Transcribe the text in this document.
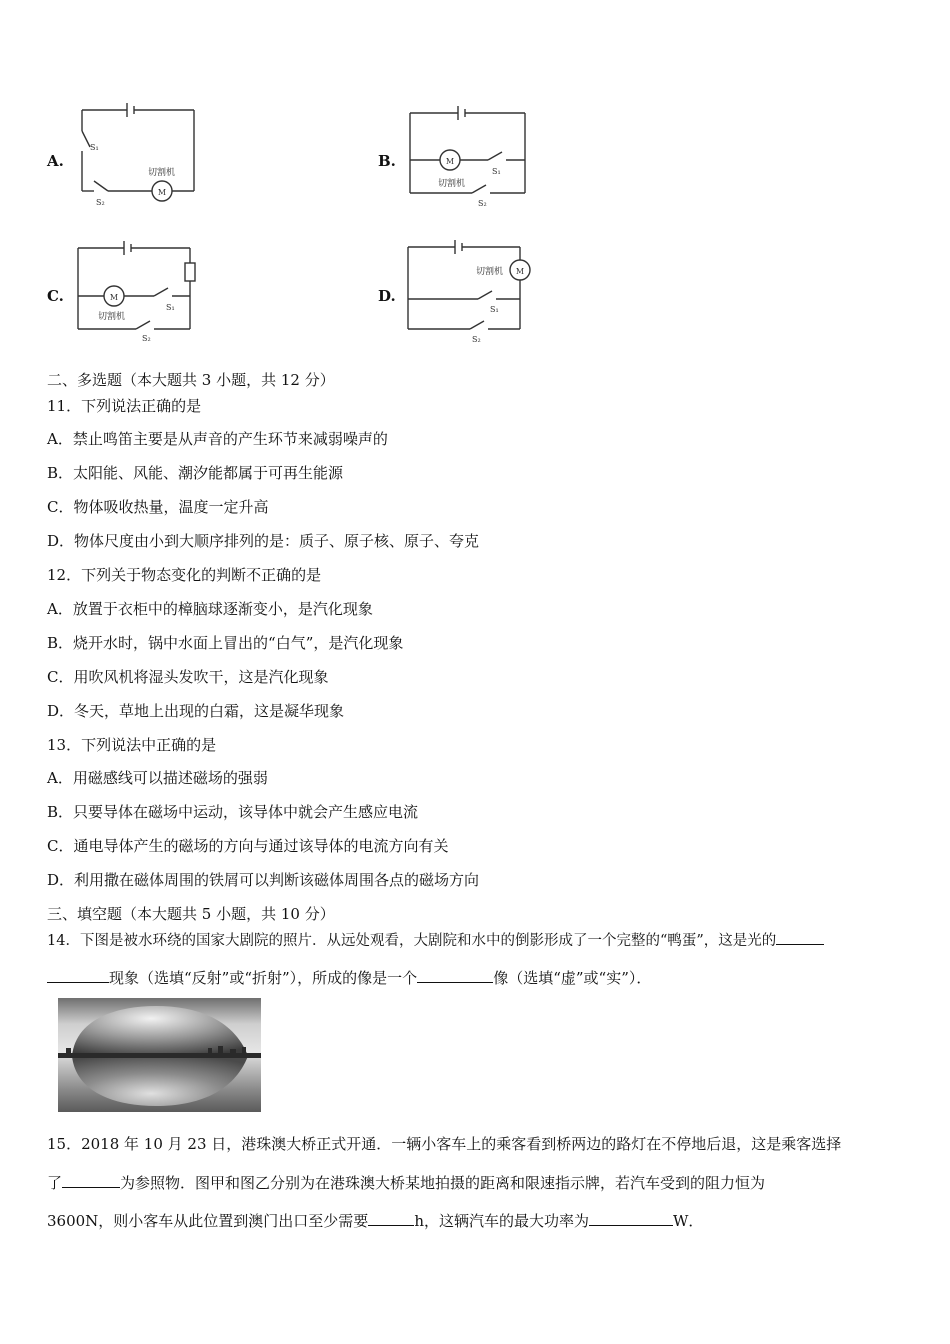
A.
M
切割机
S₁
S₂
B.	M
切割机
S₁
S₂
C.	M
切割机
S₁
S₂
D.
M
切割机
S₁
S₂
二、多选题（本大题共 3 小题，共 12 分）
11．下列说法正确的是
A．禁止鸣笛主要是从声音的产生环节来减弱噪声的
B．太阳能、风能、潮汐能都属于可再生能源
C．物体吸收热量，温度一定升高
D．物体尺度由小到大顺序排列的是：质子、原子核、原子、夸克
12．下列关于物态变化的判断不正确的是
A．放置于衣柜中的樟脑球逐渐变小，是汽化现象
B．烧开水时，锅中水面上冒出的“白气”，是汽化现象
C．用吹风机将湿头发吹干，这是汽化现象
D．冬天，草地上出现的白霜，这是凝华现象
13．下列说法中正确的是
A．用磁感线可以描述磁场的强弱
B．只要导体在磁场中运动，该导体中就会产生感应电流
C．通电导体产生的磁场的方向与通过该导体的电流方向有关
D．利用撒在磁体周围的铁屑可以判断该磁体周围各点的磁场方向
三、填空题（本大题共 5 小题，共 10 分）
14．下图是被水环绕的国家大剧院的照片．从远处观看，大剧院和水中的倒影形成了一个完整的“鸭蛋”，这是光的
现象（选填“反射”或“折射”），所成的像是一个	像（选填“虚”或“实”）．
15．2018 年 10 月 23 日，港珠澳大桥正式开通．一辆小客车上的乘客看到桥两边的路灯在不停地后退，这是乘客选择
了	为参照物．图甲和图乙分别为在港珠澳大桥某地拍摄的距离和限速指示牌，若汽车受到的阻力恒为
3600N，则小客车从此位置到澳门出口至少需要	h，这辆汽车的最大功率为	W．
